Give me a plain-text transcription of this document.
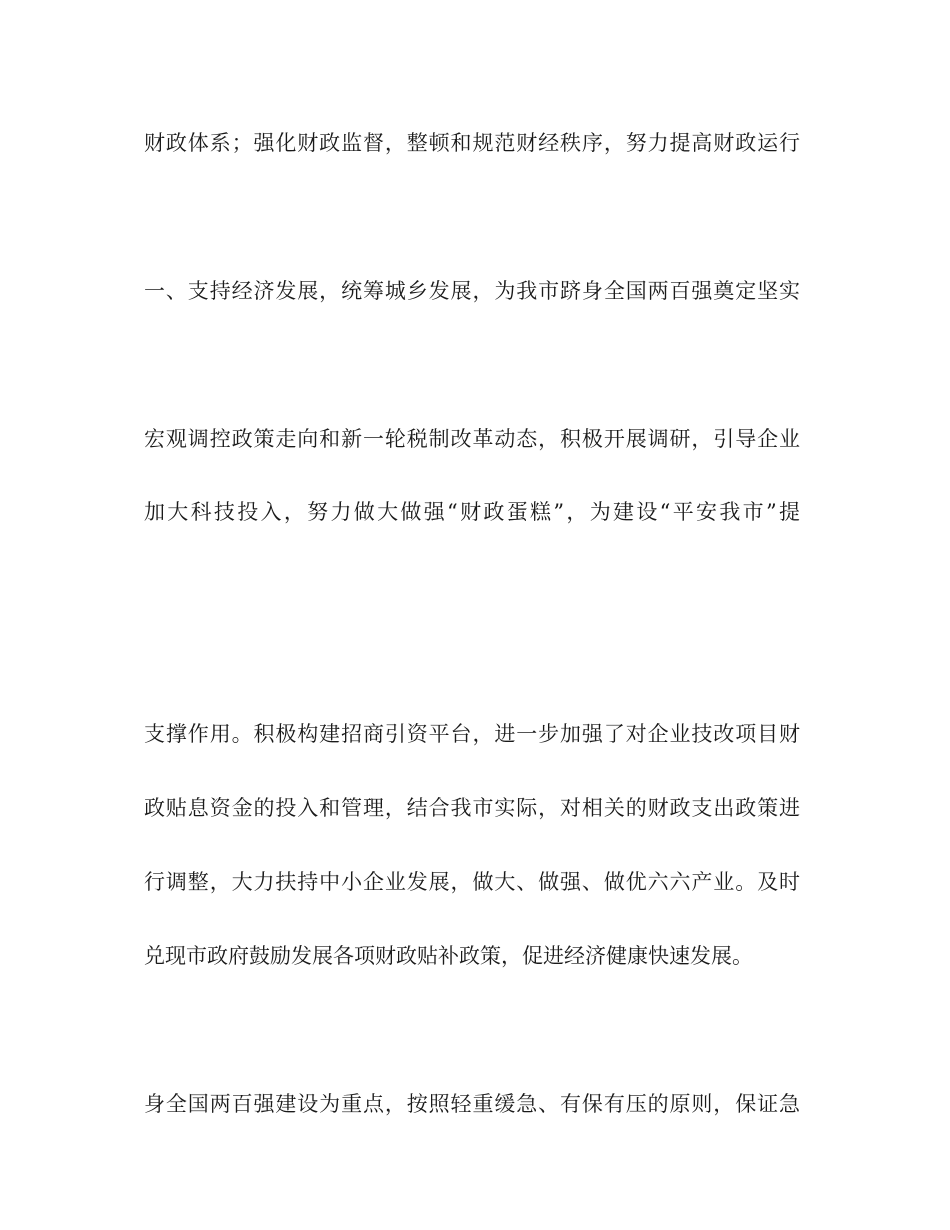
财政体系；强化财政监督，整顿和规范财经秩序，努力提高财政运行

一、支持经济发展，统筹城乡发展，为我市跻身全国两百强奠定坚实

宏观调控政策走向和新一轮税制改革动态，积极开展调研，引导企业
加大科技投入，努力做大做强“财政蛋糕”，为建设“平安我市”提

支撑作用。积极构建招商引资平台，进一步加强了对企业技改项目财
政贴息资金的投入和管理，结合我市实际，对相关的财政支出政策进
行调整，大力扶持中小企业发展，做大、做强、做优六六产业。及时
兑现市政府鼓励发展各项财政贴补政策，促进经济健康快速发展。

身全国两百强建设为重点，按照轻重缓急、有保有压的原则，保证急
